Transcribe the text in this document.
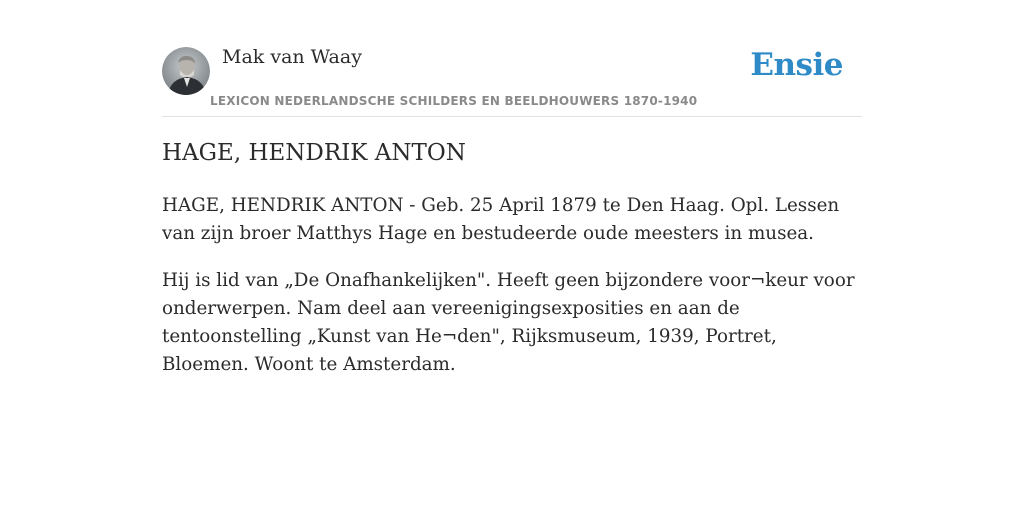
Mak van Waay
LEXICON NEDERLANDSCHE SCHILDERS EN BEELDHOUWERS 1870-1940
Ensie
HAGE, HENDRIK ANTON

HAGE, HENDRIK ANTON - Geb. 25 April 1879 te Den Haag. Opl. Lessen van zijn broer Matthys Hage en bestudeerde oude meesters in musea.

Hij is lid van „De Onafhankelijken". Heeft geen bijzondere voor¬keur voor onderwerpen. Nam deel aan vereenigingsexposities en aan de tentoonstelling „Kunst van He¬den", Rijksmuseum, 1939, Portret, Bloemen. Woont te Amsterdam.
